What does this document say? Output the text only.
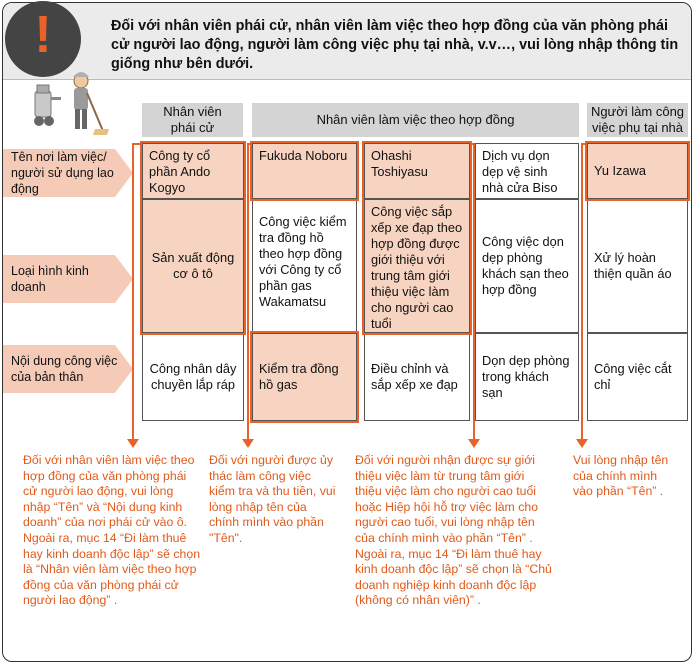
!	Đối với nhân viên phái cử, nhân viên làm việc theo hợp đồng của văn phòng phái cử người lao động, người làm công việc phụ tại nhà, v.v…, vui lòng nhập thông tin giống như bên dưới.
Nhân viên phái cử
Nhân viên làm việc theo hợp đồng
Người làm công việc phụ tại nhà
Tên nơi làm việc/ người sử dụng lao động
Loại hình kinh doanh
Nội dung công việc của bản thân
Công ty cổ phần Ando Kogyo
Sản xuất động cơ ô tô
Công nhân dây chuyền lắp ráp
Fukuda Noboru
Công việc kiểm tra đồng hồ theo hợp đồng với Công ty cổ phần gas Wakamatsu
Kiểm tra đồng hồ gas
Ohashi Toshiyasu
Công việc sắp xếp xe đạp theo hợp đồng được giới thiệu với trung tâm giới thiệu việc làm cho người cao tuổi
Điều chỉnh và sắp xếp xe đạp
Dịch vụ dọn dẹp vệ sinh nhà cửa Biso
Công việc dọn dẹp phòng khách sạn theo hợp đồng
Dọn dẹp phòng trong khách sạn
Yu Izawa
Xử lý hoàn thiện quần áo
Công việc cắt chỉ
Đối với nhân viên làm việc theo hợp đồng của văn phòng phái cử người lao động, vui lòng nhập “Tên” và “Nội dung kinh doanh” của nơi phái cử vào ô. Ngoài ra, mục 14 “Đi làm thuê hay kinh doanh độc lập” sẽ chọn là “Nhân viên làm việc theo hợp đồng của văn phòng phái cử người lao động” .
Đối với người được ủy thác làm công việc kiểm tra và thu tiền, vui lòng nhập tên của chính mình vào phần "Tên".
Đối với người nhận được sự giới thiệu việc làm từ trung tâm giới thiệu việc làm cho người cao tuổi hoặc Hiệp hội hỗ trợ việc làm cho người cao tuổi, vui lòng nhập tên của chính mình vào phần “Tên” . Ngoài ra, mục 14 “Đi làm thuê hay kinh doanh độc lập” sẽ chọn là “Chủ doanh nghiệp kinh doanh độc lập (không có nhân viên)” .
Vui lòng nhập tên của chính mình vào phần “Tên” .
